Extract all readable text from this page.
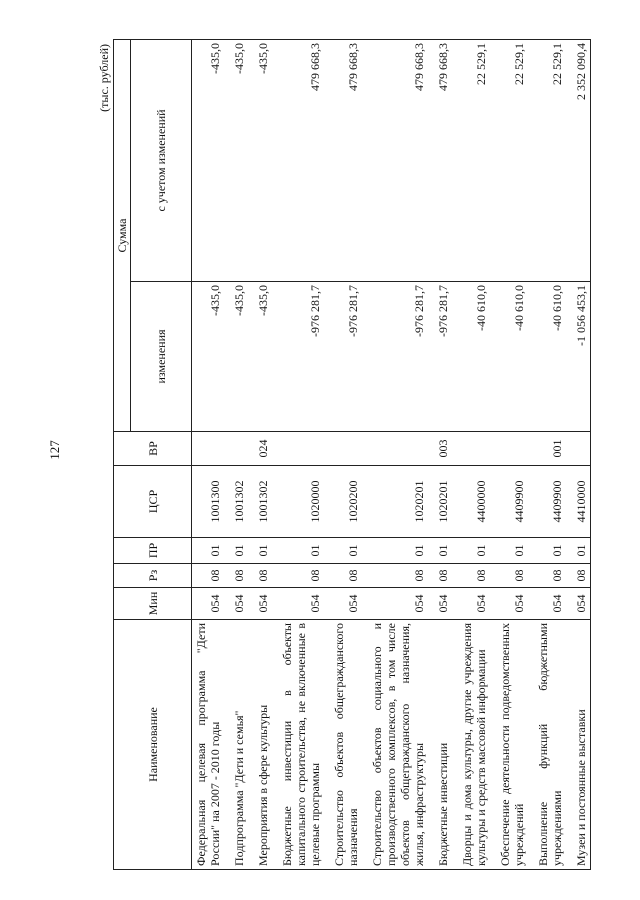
127
(тыс. рублей)
Наименование	Мин	Рз	ПР	ЦСР	ВР	Сумма	
						изменения	с учетом изменений
Федеральная целевая программа "Дети России" на 2007 - 2010 годы	054	08	01	1001300		-435,0	-435,0

Подпрограмма "Дети и семья"	054	08	01	1001302		-435,0	-435,0

Мероприятия в сфере культуры	054	08	01	1001302	024	-435,0	-435,0

Бюджетные инвестиции в объекты капитального строительства, не включенные в целевые программы	054	08	01	1020000		-976 281,7	479 668,3

Строительство объектов общегражданского назначения	054	08	01	1020200		-976 281,7	479 668,3

Строительство объектов социального и производственного комплексов, в том числе объектов общегражданского назначения, жилья, инфраструктуры	054	08	01	1020201		-976 281,7	479 668,3

Бюджетные инвестиции	054	08	01	1020201	003	-976 281,7	479 668,3

Дворцы и дома культуры, другие учреждения культуры и средств массовой информации	054	08	01	4400000		-40 610,0	22 529,1

Обеспечение деятельности подведомственных учреждений	054	08	01	4409900		-40 610,0	22 529,1

Выполнение функций бюджетными учреждениями	054	08	01	4409900	001	-40 610,0	22 529,1

Музеи и постоянные выставки	054	08	01	4410000		-1 056 453,1	2 352 090,4
